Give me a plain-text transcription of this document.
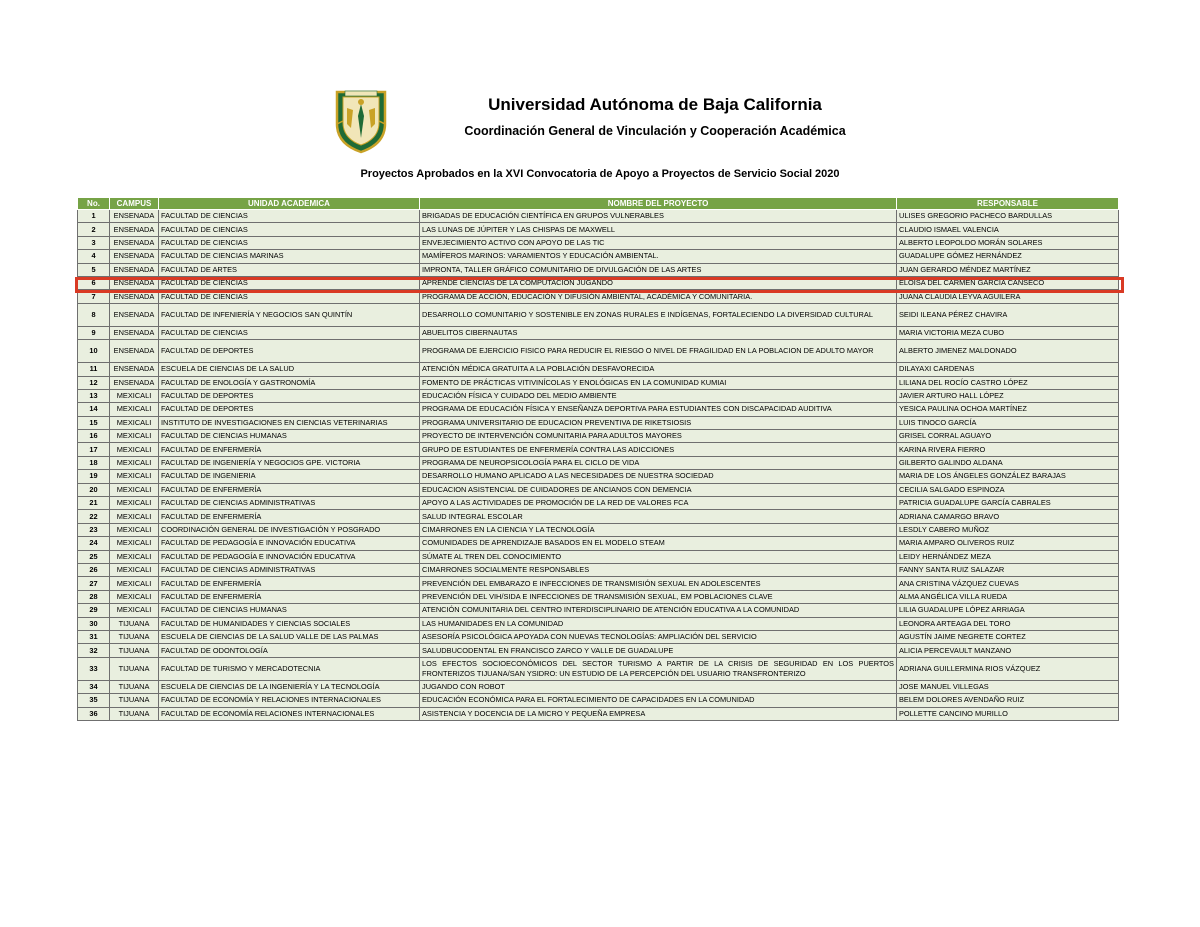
Universidad Autónoma de Baja California
Coordinación General de Vinculación y Cooperación Académica
Proyectos Aprobados en la XVI Convocatoria de Apoyo a Proyectos de Servicio Social 2020
No.	CAMPUS	UNIDAD ACADEMICA	NOMBRE DEL PROYECTO	RESPONSABLE
1	ENSENADA	FACULTAD DE CIENCIAS	BRIGADAS DE EDUCACIÓN CIENTÍFICA EN GRUPOS VULNERABLES	ULISES GREGORIO PACHECO BARDULLAS
2	ENSENADA	FACULTAD DE CIENCIAS	LAS LUNAS DE JÚPITER Y LAS CHISPAS DE MAXWELL	CLAUDIO ISMAEL VALENCIA
3	ENSENADA	FACULTAD DE CIENCIAS	ENVEJECIMIENTO ACTIVO CON APOYO DE LAS TIC	ALBERTO LEOPOLDO MORÁN SOLARES
4	ENSENADA	FACULTAD DE CIENCIAS MARINAS	MAMÍFEROS MARINOS: VARAMIENTOS Y EDUCACIÓN AMBIENTAL.	GUADALUPE GÓMEZ HERNÁNDEZ
5	ENSENADA	FACULTAD DE ARTES	IMPRONTA, TALLER GRÁFICO COMUNITARIO DE DIVULGACIÓN DE LAS ARTES	JUAN GERARDO MÉNDEZ MARTÍNEZ
6	ENSENADA	FACULTAD DE CIENCIAS	APRENDE CIENCIAS DE LA COMPUTACIÓN JUGANDO	ELOÍSA DEL CARMEN GARCÍA CANSECO
7	ENSENADA	FACULTAD DE CIENCIAS	PROGRAMA DE ACCIÓN, EDUCACIÓN Y DIFUSIÓN AMBIENTAL, ACADÉMICA Y COMUNITARIA.	JUANA CLAUDIA LEYVA AGUILERA
8	ENSENADA	FACULTAD DE INFENIERÍA Y NEGOCIOS SAN QUINTÍN	DESARROLLO COMUNITARIO Y SOSTENIBLE EN ZONAS RURALES E INDÍGENAS, FORTALECIENDO LA DIVERSIDAD CULTURAL	SEIDI ILEANA PÉREZ CHAVIRA
9	ENSENADA	FACULTAD DE CIENCIAS	ABUELITOS CIBERNAUTAS	MARIA VICTORIA MEZA CUBO
10	ENSENADA	FACULTAD DE DEPORTES	PROGRAMA DE EJERCICIO FISICO PARA REDUCIR EL RIESGO O NIVEL DE FRAGILIDAD EN LA POBLACION DE ADULTO MAYOR	ALBERTO JIMENEZ MALDONADO
11	ENSENADA	ESCUELA DE CIENCIAS DE LA SALUD	ATENCIÓN MÉDICA GRATUITA A LA POBLACIÓN DESFAVORECIDA	DILAYAXI CARDENAS
12	ENSENADA	FACULTAD DE ENOLOGÍA Y GASTRONOMÍA	FOMENTO DE PRÁCTICAS VITIVINÍCOLAS Y ENOLÓGICAS EN LA COMUNIDAD KUMIAI	LILIANA DEL ROCÍO CASTRO LÓPEZ
13	MEXICALI	FACULTAD DE DEPORTES	EDUCACIÓN FÍSICA Y CUIDADO DEL MEDIO AMBIENTE	JAVIER ARTURO HALL LÓPEZ
14	MEXICALI	FACULTAD DE DEPORTES	PROGRAMA DE EDUCACIÓN FÍSICA Y ENSEÑANZA DEPORTIVA PARA ESTUDIANTES CON DISCAPACIDAD AUDITIVA	YESICA PAULINA OCHOA MARTÍNEZ
15	MEXICALI	INSTITUTO DE INVESTIGACIONES EN CIENCIAS VETERINARIAS	PROGRAMA UNIVERSITARIO DE EDUCACION PREVENTIVA DE RIKETSIOSIS	LUIS TINOCO GARCÍA
16	MEXICALI	FACULTAD DE CIENCIAS HUMANAS	PROYECTO DE INTERVENCIÓN COMUNITARIA PARA ADULTOS MAYORES	GRISEL CORRAL AGUAYO
17	MEXICALI	FACULTAD DE ENFERMERÍA	GRUPO DE ESTUDIANTES DE ENFERMERÍA CONTRA LAS ADICCIONES	KARINA RIVERA FIERRO
18	MEXICALI	FACULTAD DE INGENIERÍA Y NEGOCIOS GPE. VICTORIA	PROGRAMA DE NEUROPSICOLOGÍA PARA EL CICLO DE VIDA	GILBERTO GALINDO ALDANA
19	MEXICALI	FACULTAD DE INGENIERIA	DESARROLLO HUMANO APLICADO A LAS NECESIDADES DE NUESTRA SOCIEDAD	MARIA DE LOS ÁNGELES GONZÁLEZ BARAJAS
20	MEXICALI	FACULTAD DE ENFERMERÍA	EDUCACION ASISTENCIAL DE CUIDADORES DE ANCIANOS CON DEMENCIA	CECILIA SALGADO ESPINOZA
21	MEXICALI	FACULTAD DE CIENCIAS ADMINISTRATIVAS	APOYO A LAS ACTIVIDADES DE PROMOCIÓN DE LA RED DE VALORES FCA	PATRICIA GUADALUPE GARCÍA CABRALES
22	MEXICALI	FACULTAD DE ENFERMERÍA	SALUD INTEGRAL ESCOLAR	ADRIANA CAMARGO BRAVO
23	MEXICALI	COORDINACIÓN GENERAL DE INVESTIGACIÓN Y POSGRADO	CIMARRONES EN LA CIENCIA Y LA TECNOLOGÍA	LESDLY CABERO MUÑOZ
24	MEXICALI	FACULTAD DE PEDAGOGÍA E INNOVACIÓN EDUCATIVA	COMUNIDADES DE APRENDIZAJE BASADOS EN EL MODELO STEAM	MARIA AMPARO OLIVEROS RUIZ
25	MEXICALI	FACULTAD DE PEDAGOGÍA E INNOVACIÓN EDUCATIVA	SÚMATE AL TREN DEL CONOCIMIENTO	LEIDY HERNÁNDEZ MEZA
26	MEXICALI	FACULTAD DE CIENCIAS ADMINISTRATIVAS	CIMARRONES SOCIALMENTE RESPONSABLES	FANNY SANTA RUIZ SALAZAR
27	MEXICALI	FACULTAD DE ENFERMERÍA	PREVENCIÓN DEL EMBARAZO E INFECCIONES DE TRANSMISIÓN SEXUAL EN ADOLESCENTES	ANA CRISTINA VÁZQUEZ CUEVAS
28	MEXICALI	FACULTAD DE ENFERMERÍA	PREVENCIÓN DEL VIH/SIDA E INFECCIONES DE TRANSMISIÓN SEXUAL, EM POBLACIONES CLAVE	ALMA ANGÉLICA VILLA RUEDA
29	MEXICALI	FACULTAD DE CIENCIAS HUMANAS	ATENCIÓN COMUNITARIA DEL CENTRO INTERDISCIPLINARIO DE ATENCIÓN EDUCATIVA A LA COMUNIDAD	LILIA GUADALUPE LÓPEZ ARRIAGA
30	TIJUANA	FACULTAD DE HUMANIDADES Y CIENCIAS SOCIALES	LAS HUMANIDADES EN LA COMUNIDAD	LEONORA ARTEAGA DEL TORO
31	TIJUANA	ESCUELA DE CIENCIAS DE LA SALUD VALLE DE LAS PALMAS	ASESORÍA PSICOLÓGICA APOYADA CON NUEVAS TECNOLOGÍAS: AMPLIACIÓN DEL SERVICIO	AGUSTÍN JAIME NEGRETE CORTEZ
32	TIJUANA	FACULTAD DE ODONTOLOGÍA	SALUDBUCODENTAL EN FRANCISCO ZARCO Y VALLE DE GUADALUPE	ALICIA PERCEVAULT MANZANO
33	TIJUANA	FACULTAD DE TURISMO Y MERCADOTECNIA	LOS EFECTOS SOCIOECONÓMICOS DEL SECTOR TURISMO A PARTIR DE LA CRISIS DE SEGURIDAD EN LOS PUERTOS FRONTERIZOS TIJUANA/SAN YSIDRO: UN ESTUDIO DE LA PERCEPCIÓN DEL USUARIO TRANSFRONTERIZO	ADRIANA GUILLERMINA RIOS VÁZQUEZ
34	TIJUANA	ESCUELA DE CIENCIAS DE LA INGENIERÍA Y LA TECNOLOGÍA	JUGANDO CON ROBOT	JOSE MANUEL VILLEGAS
35	TIJUANA	FACULTAD DE ECONOMÍA Y RELACIONES INTERNACIONALES	EDUCACIÓN ECONÓMICA PARA EL FORTALECIMIENTO DE CAPACIDADES EN LA COMUNIDAD	BELEM DOLORES AVENDAÑO RUIZ
36	TIJUANA	FACULTAD DE ECONOMÍA RELACIONES INTERNACIONALES	ASISTENCIA Y DOCENCIA DE LA MICRO Y PEQUEÑA EMPRESA	POLLETTE CANCINO MURILLO
